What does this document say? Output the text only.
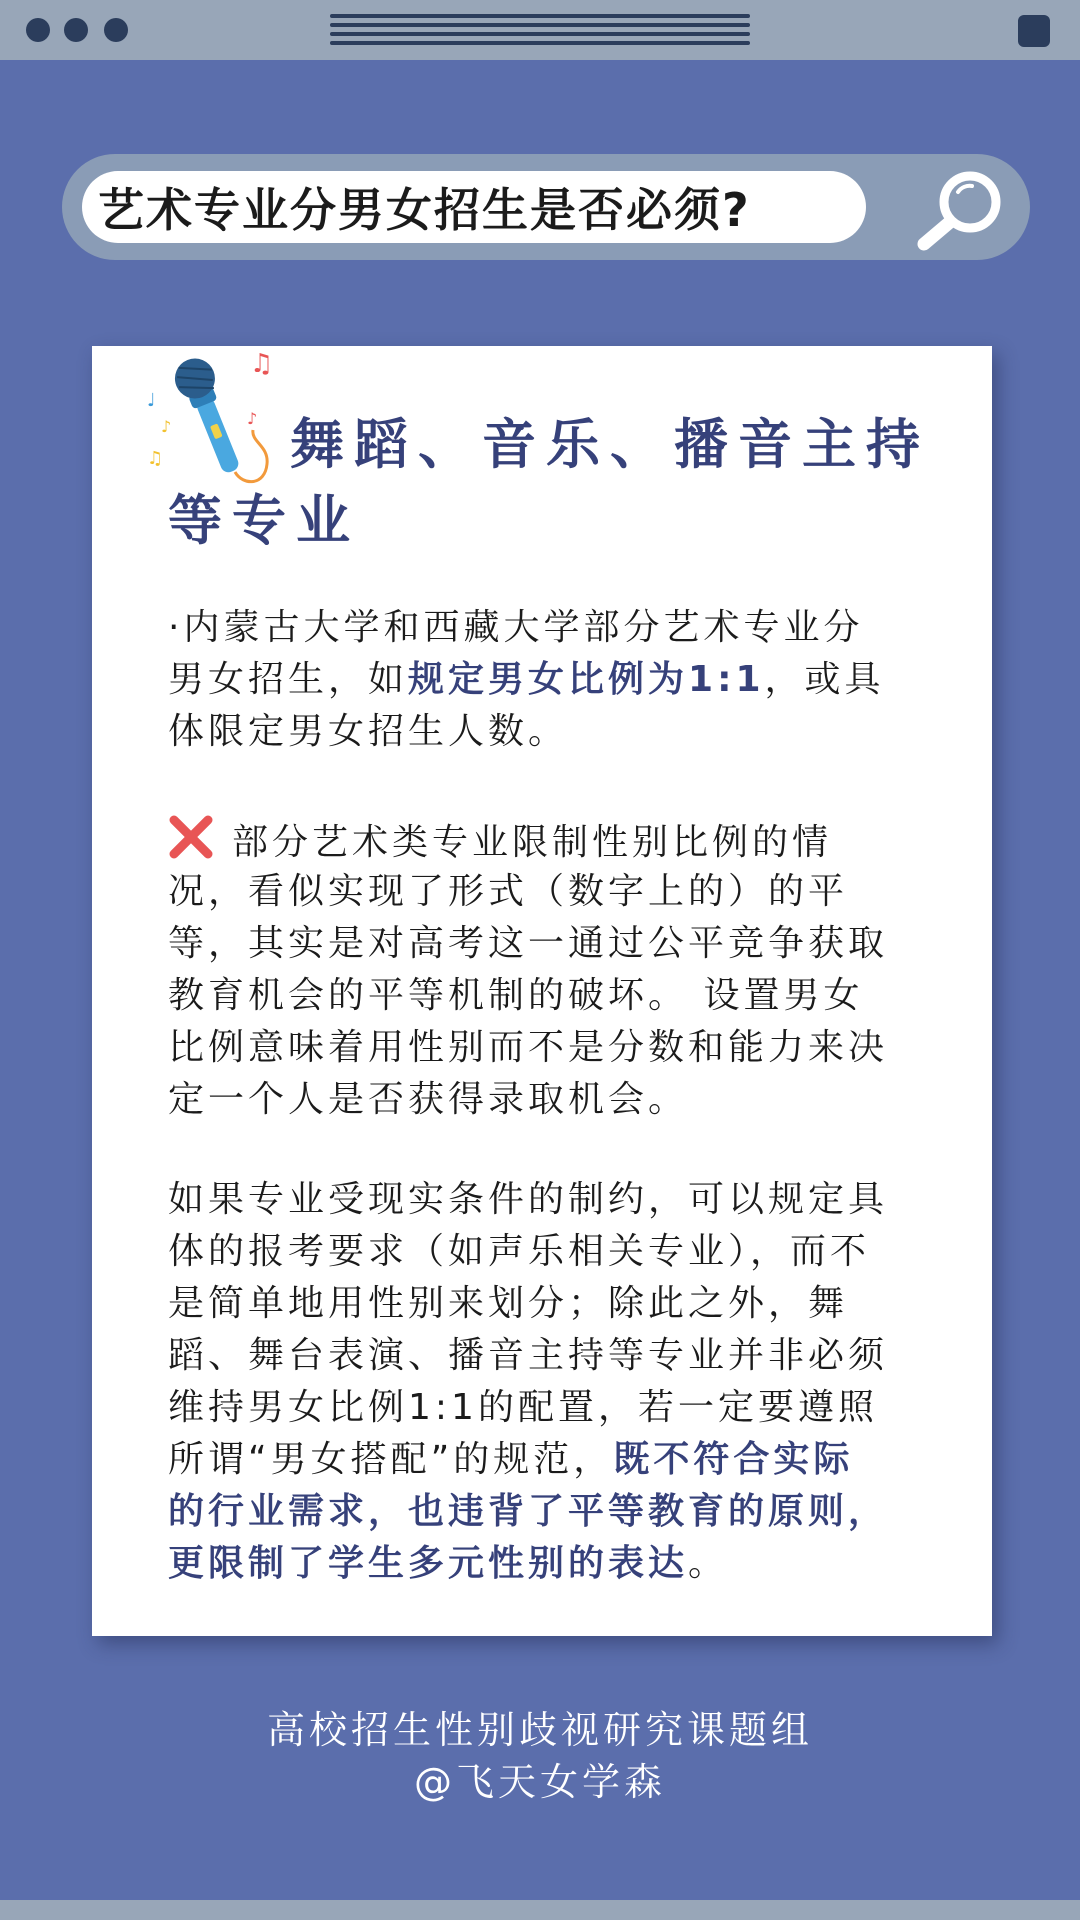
艺术专业分男女招生是否必须?
♫
♩
♪
♫
♪ 舞蹈、音乐、播音主持
等专业
·内蒙古大学和西藏大学部分艺术专业分
男女招生，如规定男女比例为1:1，或具
体限定男女招生人数。
部分艺术类专业限制性别比例的情
况，看似实现了形式（数字上的）的平
等，其实是对高考这一通过公平竞争获取
教育机会的平等机制的破坏。 设置男女
比例意味着用性别而不是分数和能力来决
定一个人是否获得录取机会。
如果专业受现实条件的制约，可以规定具
体的报考要求（如声乐相关专业），而不
是简单地用性别来划分；除此之外，舞
蹈、舞台表演、播音主持等专业并非必须
维持男女比例1:1的配置，若一定要遵照
所谓“男女搭配”的规范，既不符合实际
的行业需求，也违背了平等教育的原则，
更限制了学生多元性别的表达。
高校招生性别歧视研究课题组
@飞天女学森
